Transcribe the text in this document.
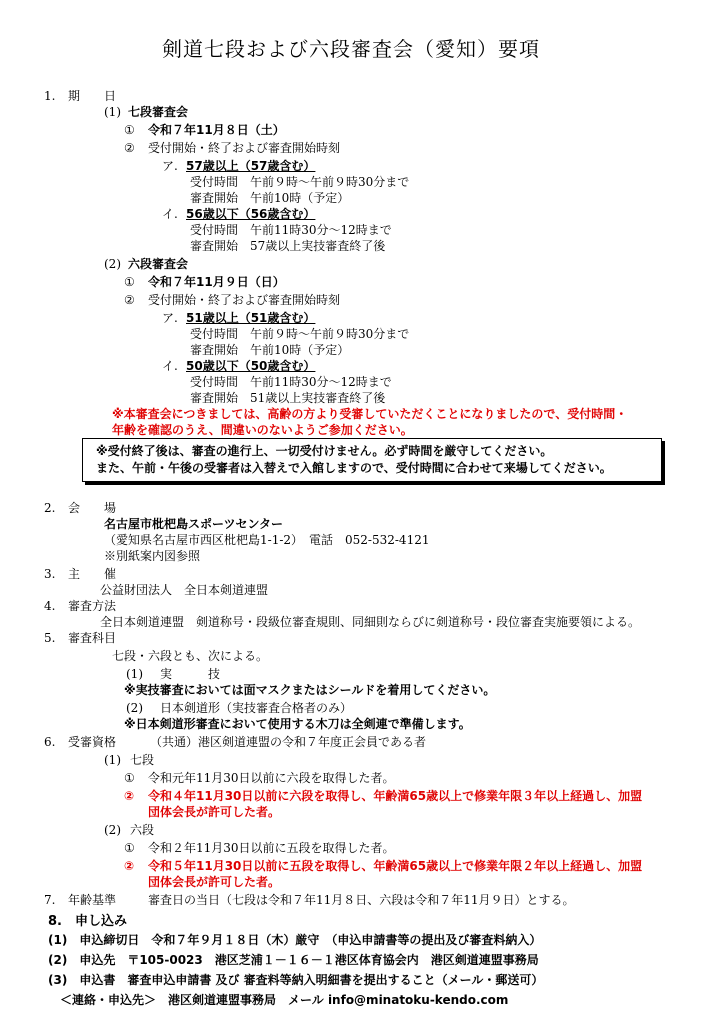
剣道七段および六段審査会（愛知）要項
1. 期　　日
(1) 七段審査会
① 令和７年11月８日（土）
② 受付開始・終了および審査開始時刻
ア. 57歳以上（57歳含む）
受付時間　午前９時～午前９時30分まで
審査開始　午前10時（予定）
イ. 56歳以下（56歳含む）
受付時間　午前11時30分～12時まで
審査開始　57歳以上実技審査終了後
(2) 六段審査会
① 令和７年11月９日（日）
② 受付開始・終了および審査開始時刻
ア. 51歳以上（51歳含む）
受付時間　午前９時～午前９時30分まで
審査開始　午前10時（予定）
イ. 50歳以下（50歳含む）
受付時間　午前11時30分～12時まで
審査開始　51歳以上実技審査終了後
※本審査会につきましては、高齢の方より受審していただくことになりましたので、受付時間・
年齢を確認のうえ、間違いのないようご参加ください。
※受付終了後は、審査の進行上、一切受付けません。必ず時間を厳守してください。
また、午前・午後の受審者は入替えで入館しますので、受付時間に合わせて来場してください。
2. 会　　場
名古屋市枇杷島スポーツセンター
（愛知県名古屋市西区枇杷島1-1-2）　電話　052-532-4121
※別紙案内図参照
3. 主　　催
公益財団法人　全日本剣道連盟
4. 審査方法
全日本剣道連盟　剣道称号・段級位審査規則、同細則ならびに剣道称号・段位審査実施要領による。
5. 審査科目
七段・六段とも、次による。
(1) 実　　　技
※実技審査においては面マスクまたはシールドを着用してください。
(2) 日本剣道形（実技審査合格者のみ）
※日本剣道形審査において使用する木刀は全剣連で準備します。
6. 受審資格	（共通）港区剣道連盟の令和７年度正会員である者
(1) 七段
① 令和元年11月30日以前に六段を取得した者。
② 令和４年11月30日以前に六段を取得し、年齢満65歳以上で修業年限３年以上経過し、加盟
団体会長が許可した者。
(2) 六段
① 令和２年11月30日以前に五段を取得した者。
② 令和５年11月30日以前に五段を取得し、年齢満65歳以上で修業年限２年以上経過し、加盟
団体会長が許可した者。
7. 年齢基準	審査日の当日（七段は令和７年11月８日、六段は令和７年11月９日）とする。
8.　申し込み
(1)　申込締切日　令和７年９月１８日（木）厳守　（申込申請書等の提出及び審査料納入）
(2)　申込先　〒105-0023　港区芝浦１－１６－１港区体育協会内　港区剣道連盟事務局
(3)　申込書　審査申込申請書 及び 審査料等納入明細書を提出すること（メール・郵送可）
＜連絡・申込先＞　港区剣道連盟事務局　メール info@minatoku-kendo.com
